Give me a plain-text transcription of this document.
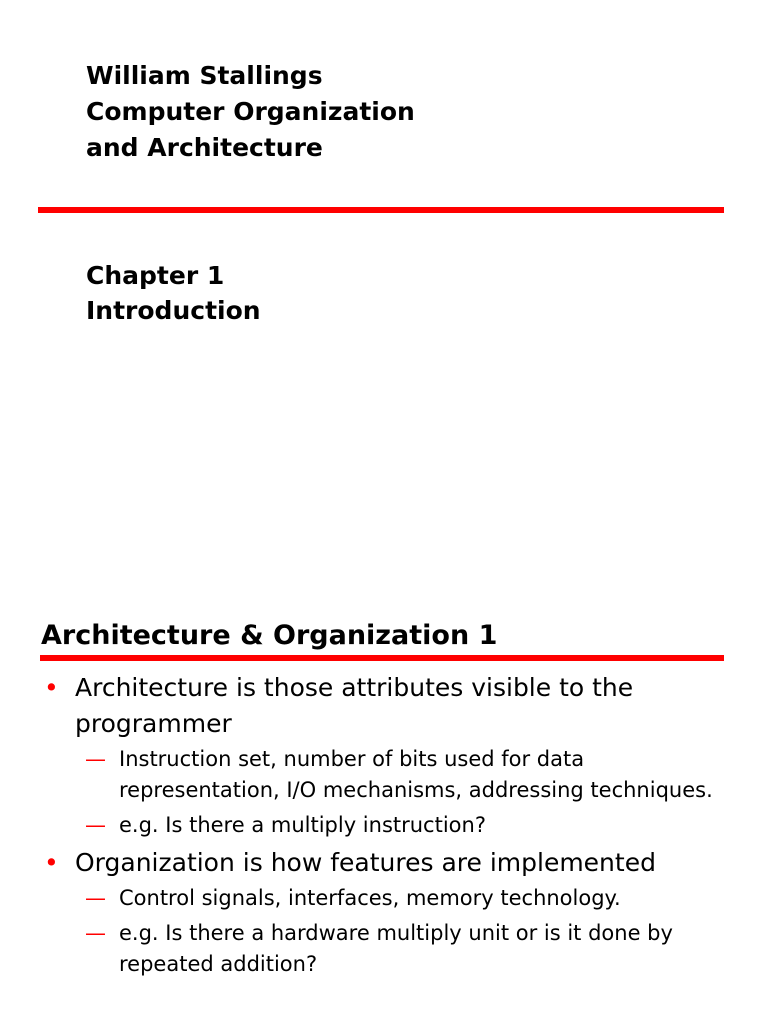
William Stallings
Computer Organization
and Architecture
Chapter 1
Introduction
Architecture & Organization 1
• Architecture is those attributes visible to the programmer
— Instruction set, number of bits used for data representation, I/O mechanisms, addressing techniques.
— e.g. Is there a multiply instruction?
• Organization is how features are implemented
— Control signals, interfaces, memory technology.
— e.g. Is there a hardware multiply unit or is it done by repeated addition?
